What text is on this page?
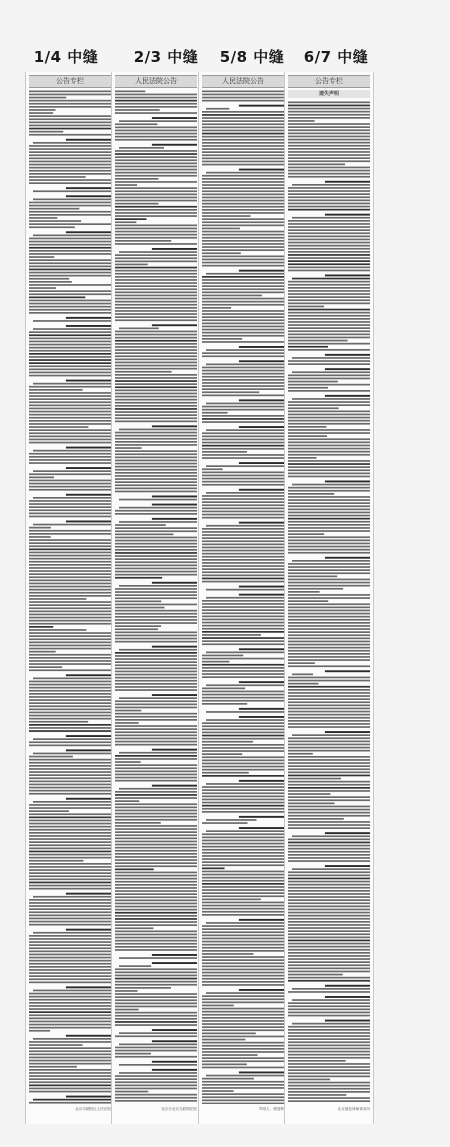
1/4 中缝	2/3 中缝	5/8 中缝	6/7 中缝
公告专栏
北京市朝阳区人民法院
人民法院公告
北京市北京互联网法院
人民法院公告
声明人：傅迎辉
公告专栏
遗失声明
北京德伦律师事务所
